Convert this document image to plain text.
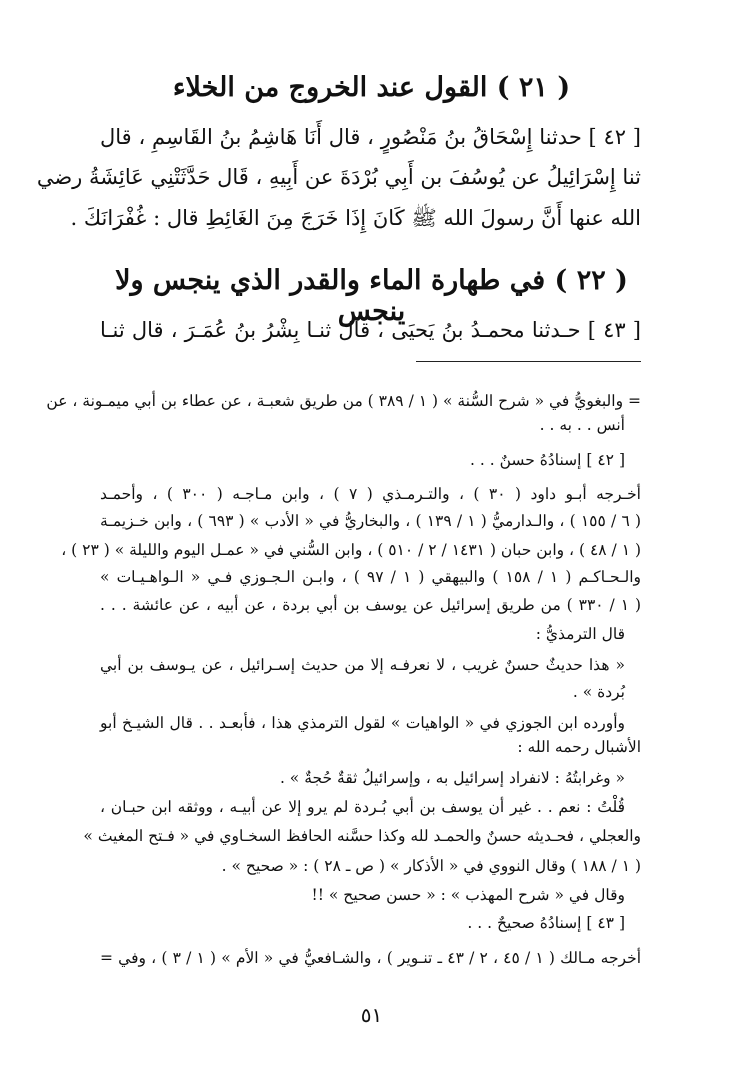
( ٢١ ) القول عند الخروج من الخلاء
[ ٤٢ ] حدثنا إِسْحَاقُ بنُ مَنْصُورٍ ، قال أَنَا هَاشِمُ بنُ القَاسِمِ ، قال
ثنا إِسْرَائِيلُ عن يُوسُفَ بن أَبِي بُرْدَةَ عن أَبِيهِ ، قَال حَدَّثَتْنِي عَائِشَةُ رضي
الله عنها أَنَّ رسولَ الله ﷺ كَانَ إِذَا خَرَجَ مِنَ الغَائِطِ قال : غُفْرَانَكَ .
( ٢٢ ) في طهارة الماء والقدر الذي ينجس ولا ينجس
[ ٤٣ ] حـدثنا محمـدُ بنُ يَحيَى ، قال ثنـا بِشْرُ بنُ عُمَـرَ ، قال ثنـا
= والبغويُّ في « شرح السُّنة » ( ١ / ٣٨٩ ) من طريق شعبـة ، عن عطاء بن أبي ميمـونة ، عن
أنس . . به . .
[ ٤٢ ] إسنادُهُ حسنٌ . . .
أخـرجه أبـو داود ( ٣٠ ) ، والتـرمـذي ( ٧ ) ، وابن مـاجـه ( ٣٠٠ ) ، وأحمـد
( ٦ / ١٥٥ ) ، والـدارميُّ ( ١ / ١٣٩ ) ، والبخاريُّ في « الأدب » ( ٦٩٣ ) ، وابن خـزيمـة
( ١ / ٤٨ ) ، وابن حبان ( ١٤٣١ / ٢ / ٥١٠ ) ، وابن السُّني في « عمـل اليوم والليلة » ( ٢٣ ) ،
والـحـاكـم ( ١ / ١٥٨ ) والبيهقي ( ١ / ٩٧ ) ، وابـن الـجـوزي فـي « الـواهـيـات »
( ١ / ٣٣٠ ) من طريق إسرائيل عن يوسف بن أبي بردة ، عن أبيه ، عن عائشة . . .
قال الترمذيُّ :
« هذا حديثٌ حسنٌ غريب ، لا نعرفـه إلا من حديث إسـرائيل ، عن يـوسف بن أبي
بُردة » .
وأورده ابن الجوزي في « الواهيات » لقول الترمذي هذا ، فأبعـد . . قال الشيـخ أبو
الأشبال رحمه الله :
« وغرابتُهُ : لانفراد إسرائيل به ، وإسرائيلُ ثقةٌ حُجةٌ » .
قُلْتُ : نعم . . غير أن يوسف بن أبي بُـردة لم يرو إلا عن أبيـه ، ووثقه ابن حبـان ،
والعجلي ، فحـديثه حسنٌ والحمـد لله وكذا حسَّنه الحافظ السخـاوي في « فـتح المغيث »
( ١ / ١٨٨ ) وقال النووي في « الأذكار » ( ص ـ ٢٨ ) : « صحيح » .
وقال في « شرح المهذب » : « حسن صحيح » !!
[ ٤٣ ] إسنادُهُ صحيحٌ . . .
أخرجه مـالك ( ١ / ٤٥ ، ٢ / ٤٣ ـ تنـوير ) ، والشـافعيُّ في « الأم » ( ١ / ٣ ) ، وفي =
٥١
